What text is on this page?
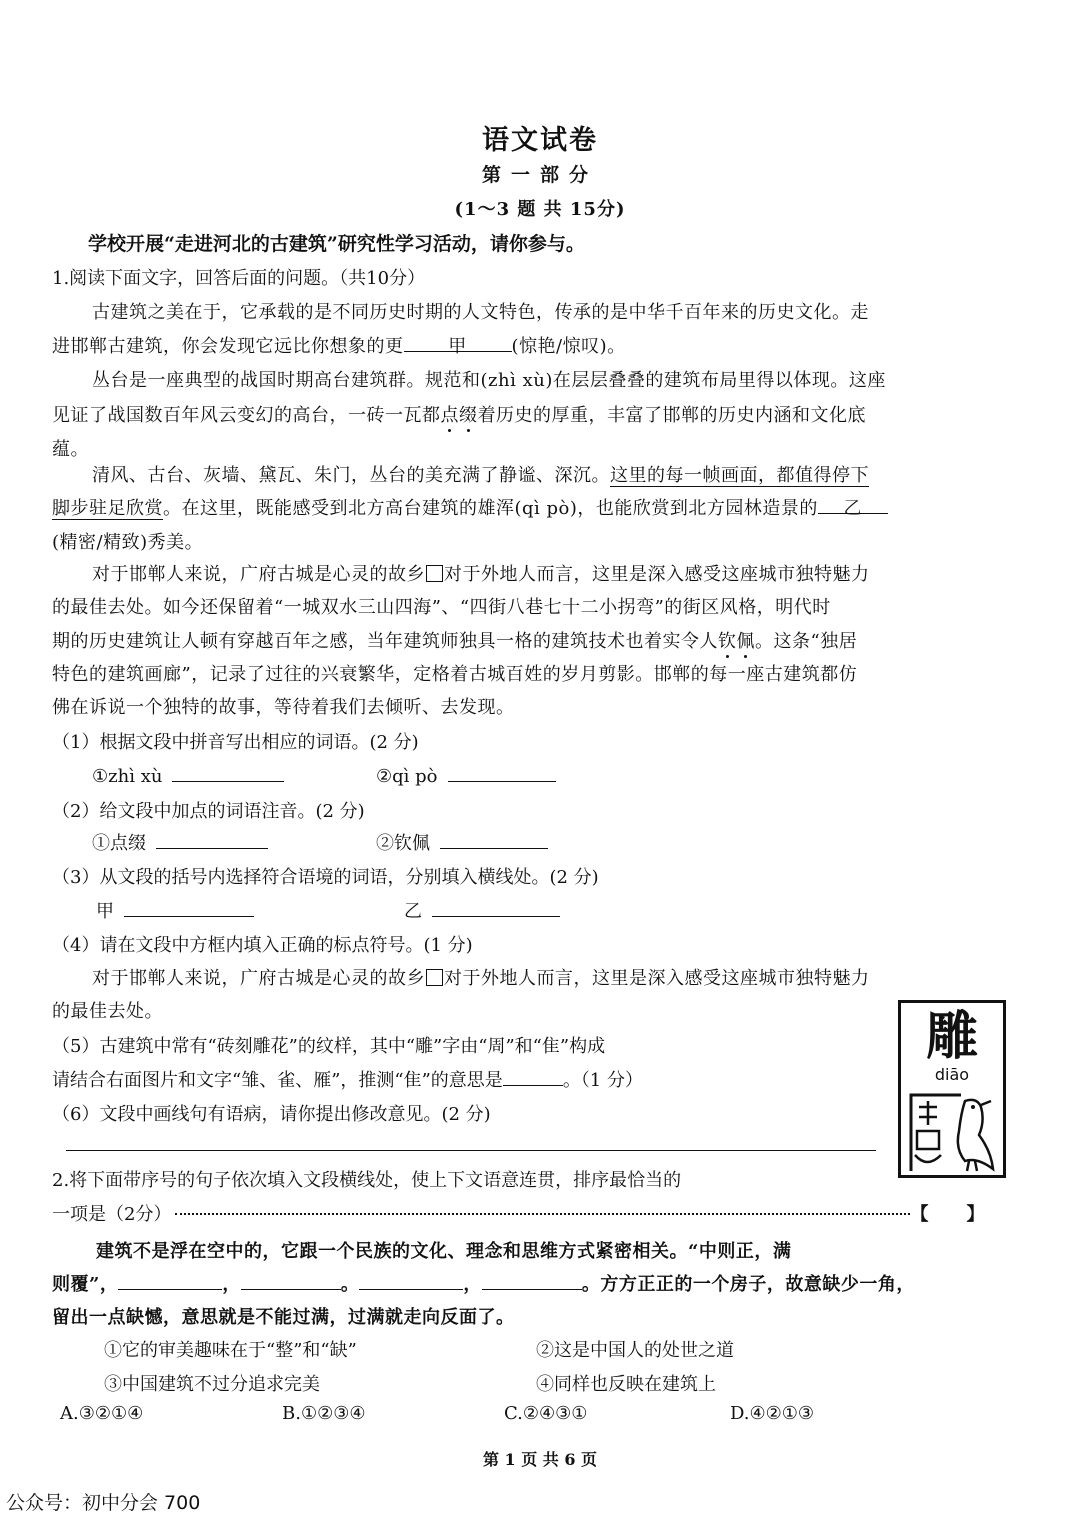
语文试卷
第一部分
(1～3 题 共 15分)
学校开展“走进河北的古建筑”研究性学习活动，请你参与。
1.阅读下面文字，回答后面的问题。（共10分）
古建筑之美在于，它承载的是不同历史时期的人文特色，传承的是中华千百年来的历史文化。走
进邯郸古建筑，你会发现它远比你想象的更 甲 (惊艳/惊叹)。
丛台是一座典型的战国时期高台建筑群。规范和(zhì xù)在层层叠叠的建筑布局里得以体现。这座
见证了战国数百年风云变幻的高台，一砖一瓦都点缀着历史的厚重，丰富了邯郸的历史内涵和文化底
蕴。
清风、古台、灰墙、黛瓦、朱门，丛台的美充满了静谧、深沉。这里的每一帧画面，都值得停下
脚步驻足欣赏。在这里，既能感受到北方高台建筑的雄浑(qì pò)，也能欣赏到北方园林造景的 乙
(精密/精致)秀美。
对于邯郸人来说，广府古城是心灵的故乡 对于外地人而言，这里是深入感受这座城市独特魅力
的最佳去处。如今还保留着“一城双水三山四海”、“四街八巷七十二小拐弯”的街区风格，明代时
期的历史建筑让人顿有穿越百年之感，当年建筑师独具一格的建筑技术也着实令人钦佩。这条“独居
特色的建筑画廊”，记录了过往的兴衰繁华，定格着古城百姓的岁月剪影。邯郸的每一座古建筑都仿
佛在诉说一个独特的故事，等待着我们去倾听、去发现。
（1）根据文段中拼音写出相应的词语。(2 分)
①zhì xù	②qì pò
（2）给文段中加点的词语注音。(2 分)
①点缀	②钦佩
（3）从文段的括号内选择符合语境的词语，分别填入横线处。(2 分)
甲	乙
（4）请在文段中方框内填入正确的标点符号。(1 分)
对于邯郸人来说，广府古城是心灵的故乡 对于外地人而言，这里是深入感受这座城市独特魅力
的最佳去处。
（5）古建筑中常有“砖刻雕花”的纹样，其中“雕”字由“周”和“隹”构成
请结合右面图片和文字“雏、雀、雁”，推测“隹”的意思是	。（1 分）
（6）文段中画线句有语病，请你提出修改意见。(2 分)
雕
diāo
2.将下面带序号的句子依次填入文段横线处，使上下文语意连贯，排序最恰当的
一项是（2分）	【 】
建筑不是浮在空中的，它跟一个民族的文化、理念和思维方式紧密相关。“中则正，满
则覆”，	，	。	，	。方方正正的一个房子，故意缺少一角，
留出一点缺憾，意思就是不能过满，过满就走向反面了。
①它的审美趣味在于“整”和“缺”	②这是中国人的处世之道
③中国建筑不过分追求完美	④同样也反映在建筑上
A.③②①④	B.①②③④	C.②④③①	D.④②①③
第 1 页 共 6 页
公众号：初中分会 700
